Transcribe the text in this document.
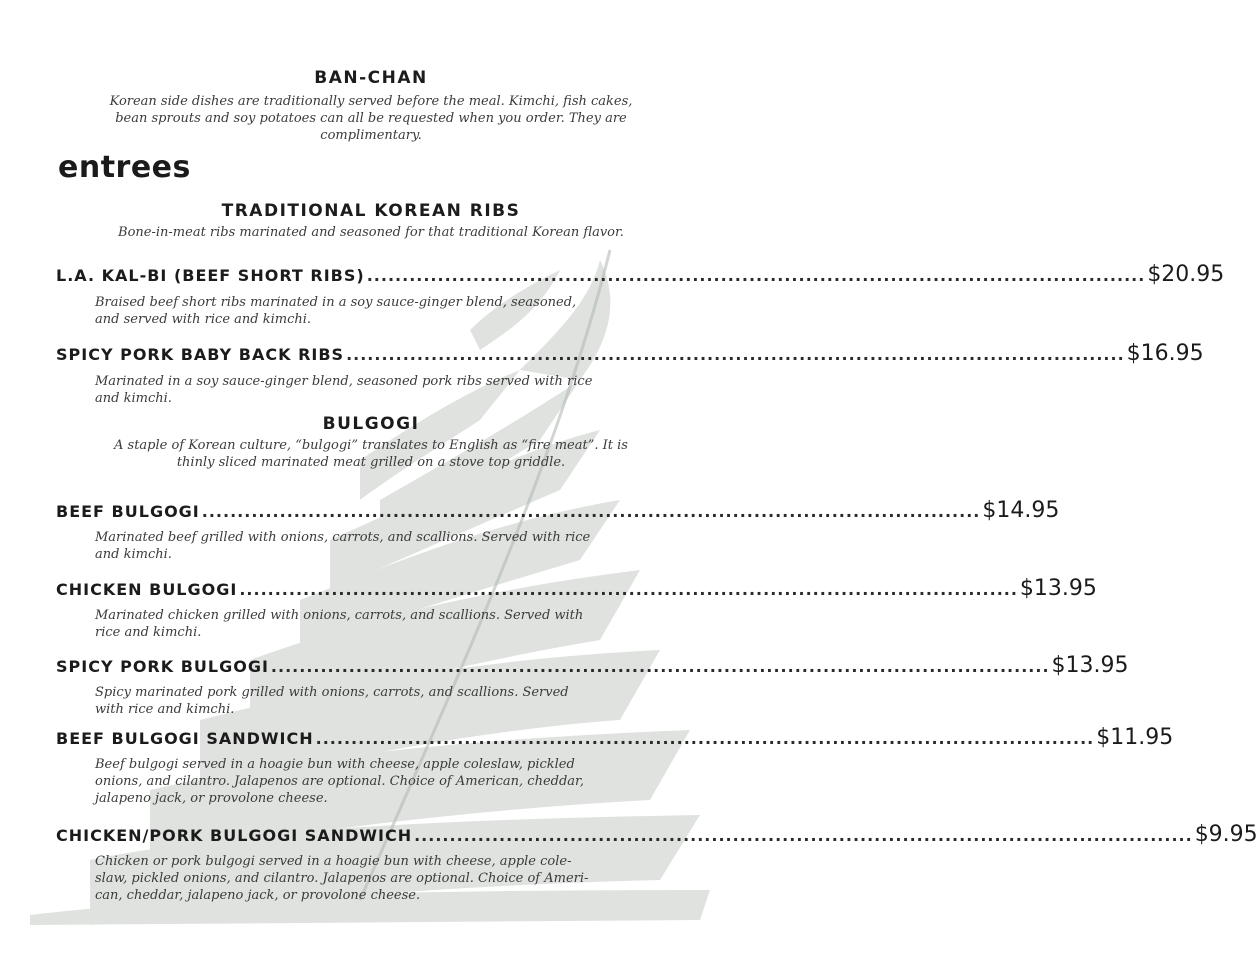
BAN-CHAN
Korean side dishes are traditionally served before the meal. Kimchi, fish cakes,
bean sprouts and soy potatoes can all be requested when you order. They are
complimentary.
entrees
TRADITIONAL KOREAN RIBS
Bone-in-meat ribs marinated and seasoned for that traditional Korean flavor.
L.A. KAL-BI (BEEF SHORT RIBS) .............................................................................................................. $20.95
Braised beef short ribs marinated in a soy sauce-ginger blend, seasoned,
and served with rice and kimchi.
SPICY PORK BABY BACK RIBS .............................................................................................................. $16.95
Marinated in a soy sauce-ginger blend, seasoned pork ribs served with rice
and kimchi.
BULGOGI
A staple of Korean culture, “bulgogi” translates to English as “fire meat”. It is
thinly sliced marinated meat grilled on a stove top griddle.
BEEF BULGOGI .............................................................................................................. $14.95
Marinated beef grilled with onions, carrots, and scallions. Served with rice
and kimchi.
CHICKEN BULGOGI .............................................................................................................. $13.95
Marinated chicken grilled with onions, carrots, and scallions. Served with
rice and kimchi.
SPICY PORK BULGOGI .............................................................................................................. $13.95
Spicy marinated pork grilled with onions, carrots, and scallions. Served
with rice and kimchi.
BEEF BULGOGI SANDWICH .............................................................................................................. $11.95
Beef bulgogi served in a hoagie bun with cheese, apple coleslaw, pickled
onions, and cilantro. Jalapenos are optional. Choice of American, cheddar,
jalapeno jack, or provolone cheese.
CHICKEN/PORK BULGOGI SANDWICH .............................................................................................................. $9.95
Chicken or pork bulgogi served in a hoagie bun with cheese, apple cole-
slaw, pickled onions, and cilantro. Jalapenos are optional. Choice of Ameri-
can, cheddar, jalapeno jack, or provolone cheese.
